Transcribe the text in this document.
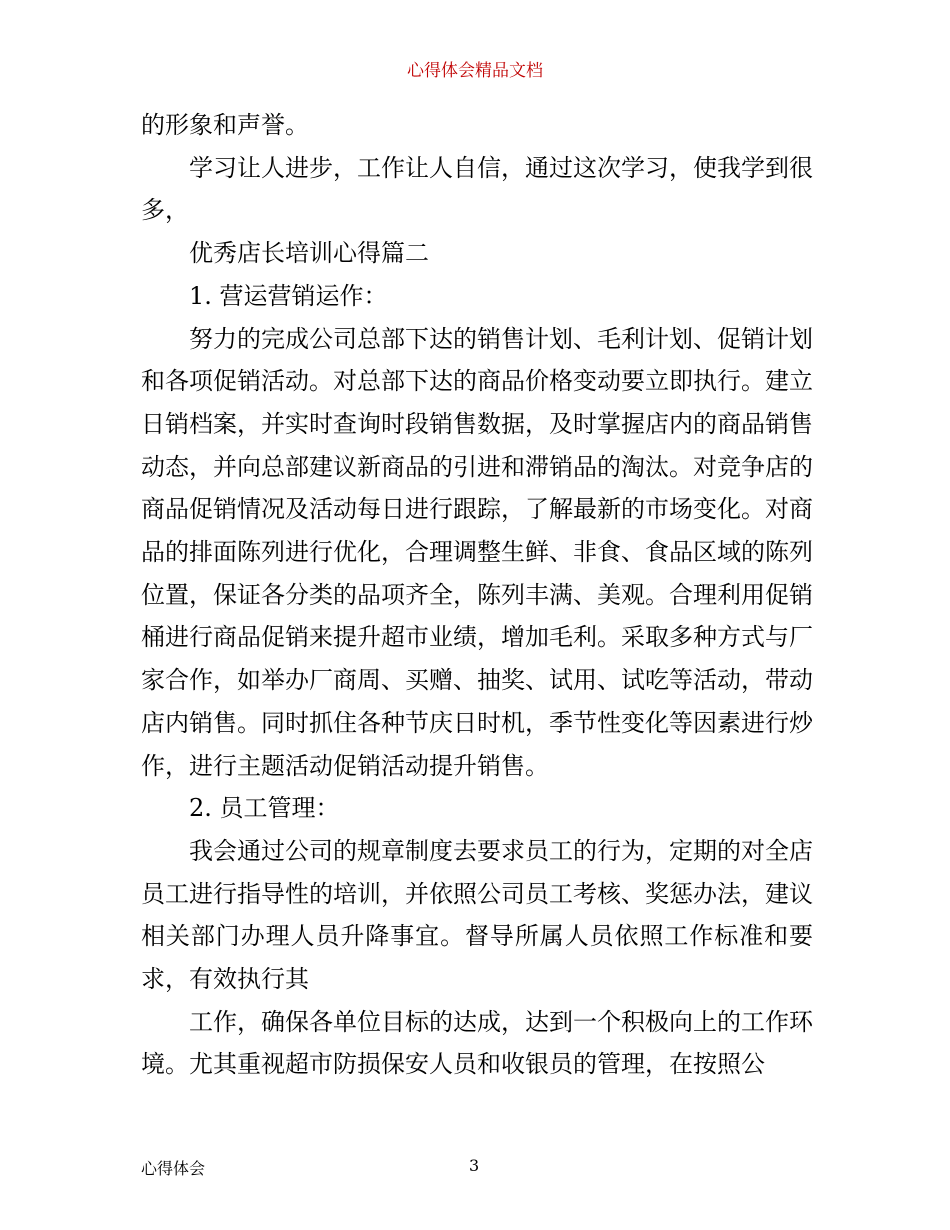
心得体会精品文档

的形象和声誉。

学习让人进步，工作让人自信，通过这次学习，使我学到很多，

优秀店长培训心得篇二

1. 营运营销运作：

努力的完成公司总部下达的销售计划、毛利计划、促销计划和各项促销活动。对总部下达的商品价格变动要立即执行。建立日销档案，并实时查询时段销售数据，及时掌握店内的商品销售动态，并向总部建议新商品的引进和滞销品的淘汰。对竞争店的商品促销情况及活动每日进行跟踪，了解最新的市场变化。对商品的排面陈列进行优化，合理调整生鲜、非食、食品区域的陈列位置，保证各分类的品项齐全，陈列丰满、美观。合理利用促销桶进行商品促销来提升超市业绩，增加毛利。采取多种方式与厂家合作，如举办厂商周、买赠、抽奖、试用、试吃等活动，带动店内销售。同时抓住各种节庆日时机，季节性变化等因素进行炒作，进行主题活动促销活动提升销售。

2. 员工管理：

我会通过公司的规章制度去要求员工的行为，定期的对全店员工进行指导性的培训，并依照公司员工考核、奖惩办法，建议相关部门办理人员升降事宜。督导所属人员依照工作标准和要求，有效执行其

工作，确保各单位目标的达成，达到一个积极向上的工作环境。尤其重视超市防损保安人员和收银员的管理，在按照公

心得体会	3
